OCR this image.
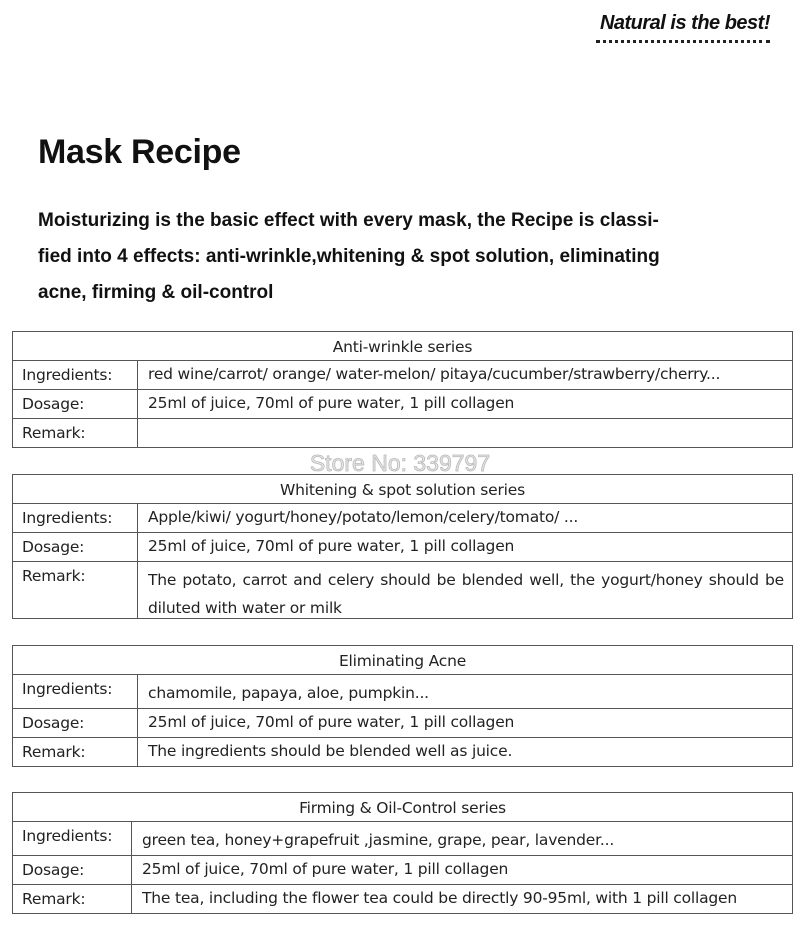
Natural is the best!
Mask Recipe
Moisturizing is the basic effect with every mask, the Recipe is classi-
fied into 4 effects: anti-wrinkle,whitening & spot solution, eliminating
acne, firming & oil-control
Anti-wrinkle series
Ingredients:	red wine/carrot/ orange/ water-melon/ pitaya/cucumber/strawberry/cherry...
Dosage:	25ml of juice, 70ml of pure water, 1 pill collagen
Remark:
Store No: 339797
Whitening & spot solution series
Ingredients:	Apple/kiwi/ yogurt/honey/potato/lemon/celery/tomato/ ...
Dosage:	25ml of juice, 70ml of pure water, 1 pill collagen
Remark:	The potato, carrot and celery should be blended well, the yogurt/honey should be diluted with water or milk
Eliminating Acne
Ingredients:	chamomile, papaya, aloe, pumpkin...
Dosage:	25ml of juice, 70ml of pure water, 1 pill collagen
Remark:	The ingredients should be blended well as juice.
Firming & Oil-Control series
Ingredients:	green tea, honey+grapefruit ,jasmine, grape, pear, lavender...
Dosage:	25ml of juice, 70ml of pure water, 1 pill collagen
Remark:	The tea, including the flower tea could be directly 90-95ml, with 1 pill collagen
